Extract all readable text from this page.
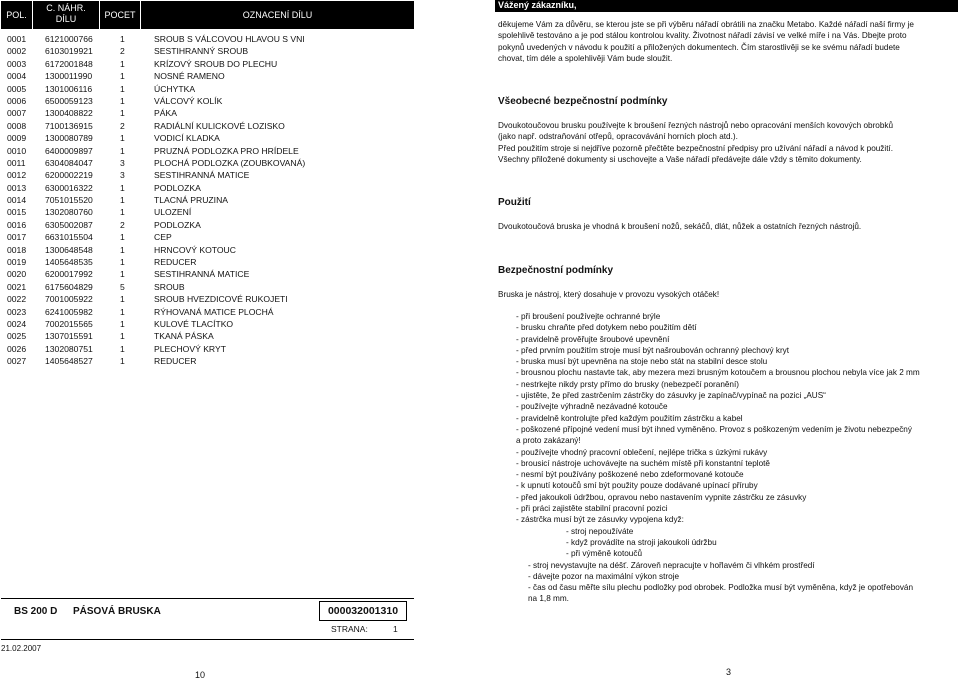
POL.
C. NÁHR.
DÍLU	POCET	OZNACENÍ DÍLU
0001 6121000766	1	SROUB S VÁLCOVOU HLAVOU S VNI
0002 6103019921	2	SESTIHRANNÝ SROUB
0003 6172001848	1	KRÍZOVÝ SROUB DO PLECHU
0004 1300011990	1	NOSNÉ RAMENO
0005 1301006116	1	ÚCHYTKA
0006 6500059123	1	VÁLCOVÝ KOLÍK
0007 1300408822	1	PÁKA
0008 7100136915	2	RADIÁLNÍ KULICKOVÉ LOZISKO
0009 1300080789	1	VODICÍ KLADKA
0010 6400009897	1	PRUZNÁ PODLOZKA PRO HRÍDELE
0011 6304084047	3	PLOCHÁ PODLOZKA (ZOUBKOVANÁ)
0012 6200002219	3	SESTIHRANNÁ MATICE
0013 6300016322	1	PODLOZKA
0014 7051015520	1	TLACNÁ PRUZINA
0015 1302080760	1	ULOZENÍ
0016 6305002087	2	PODLOZKA
0017 6631015504	1	CEP
0018 1300648548	1	HRNCOVÝ KOTOUC
0019 1405648535	1	REDUCER
0020 6200017992	1	SESTIHRANNÁ MATICE
0021 6175604829	5	SROUB
0022 7001005922	1	SROUB HVEZDICOVÉ RUKOJETI
0023 6241005982	1	RÝHOVANÁ MATICE PLOCHÁ
0024 7002015565	1	KULOVÉ TLACÍTKO
0025 1307015591	1	TKANÁ PÁSKA
0026 1302080751	1	PLECHOVÝ KRYT
0027 1405648527	1	REDUCER
BS 200 D PÁSOVÁ BRUSKA	000032001310
STRANA:	1
21.02.2007
10
Vážený zákazníku,

děkujeme Vám za důvěru, se kterou jste se při výběru nářadí obrátili na značku Metabo. Každé nářadí naší firmy je

spolehlivě testováno a je pod stálou kontrolou kvality. Životnost nářadí závisí ve velké míře i na Vás. Dbejte proto

pokynů uvedených v návodu k použití a přiložených dokumentech. Čím starostlivěji se ke svému nářadí budete

chovat, tím déle a spolehlivěji Vám bude sloužit.

Všeobecné bezpečnostní podmínky

Dvoukotoučovou brusku používejte k broušení řezných nástrojů nebo opracování menších kovových obrobků

(jako např. odstraňování otřepů, opracovávání horních ploch atd.).

Před použitím stroje si nejdříve pozorně přečtěte bezpečnostní předpisy pro užívání nářadí a návod k použití.

Všechny přiložené dokumenty si uschovejte a Vaše nářadí předávejte dále vždy s těmito dokumenty.

Použití

Dvoukotoučová bruska je vhodná k broušení nožů, sekáčů, dlát, nůžek a ostatních řezných nástrojů.

Bezpečnostní podmínky

Bruska je nástroj, který dosahuje v provozu vysokých otáček!

- při broušení používejte ochranné brýle
- brusku chraňte před dotykem nebo použitím dětí
- pravidelně prověřujte šroubové upevnění
- před prvním použitím stroje musí být našroubován ochranný plechový kryt
- bruska musí být upevněna na stoje nebo stát na stabilní desce stolu
- brousnou plochu nastavte tak, aby mezera mezi brusným kotoučem a brousnou plochou nebyla více jak 2 mm
- nestrkejte nikdy prsty přímo do brusky (nebezpečí poranění)
- ujistěte, že před zastrčením zástrčky do zásuvky je zapínač/vypínač na pozici „AUS“
- používejte výhradně nezávadné kotouče
- pravidelně kontrolujte před každým použitím zástrčku a kabel
- poškozené přípojné vedení musí být ihned vyměněno. Provoz s poškozeným vedením je životu nebezpečný
a proto zakázaný!
- používejte vhodný pracovní oblečení, nejlépe trička s úzkými rukávy
- brousicí nástroje uchovávejte na suchém místě při konstantní teplotě
- nesmí být používány poškozené nebo zdeformované kotouče
- k upnutí kotoučů smí být použity pouze dodávané upínací příruby
- před jakoukoli údržbou, opravou nebo nastavením vypnite zástrčku ze zásuvky
- při práci zajistěte stabilní pracovní pozici
- zástrčka musí být ze zásuvky vypojena když:
- stroj nepoužíváte
- když provádíte na stroji jakoukoli údržbu
- při výměně kotoučů
- stroj nevystavujte na déšť. Zároveň nepracujte v hořlavém či vlhkém prostředí
- dávejte pozor na maximální výkon stroje
- čas od času měřte sílu plechu podložky pod obrobek. Podložka musí být vyměněna, když je opotřebován
na 1,8 mm.
3
